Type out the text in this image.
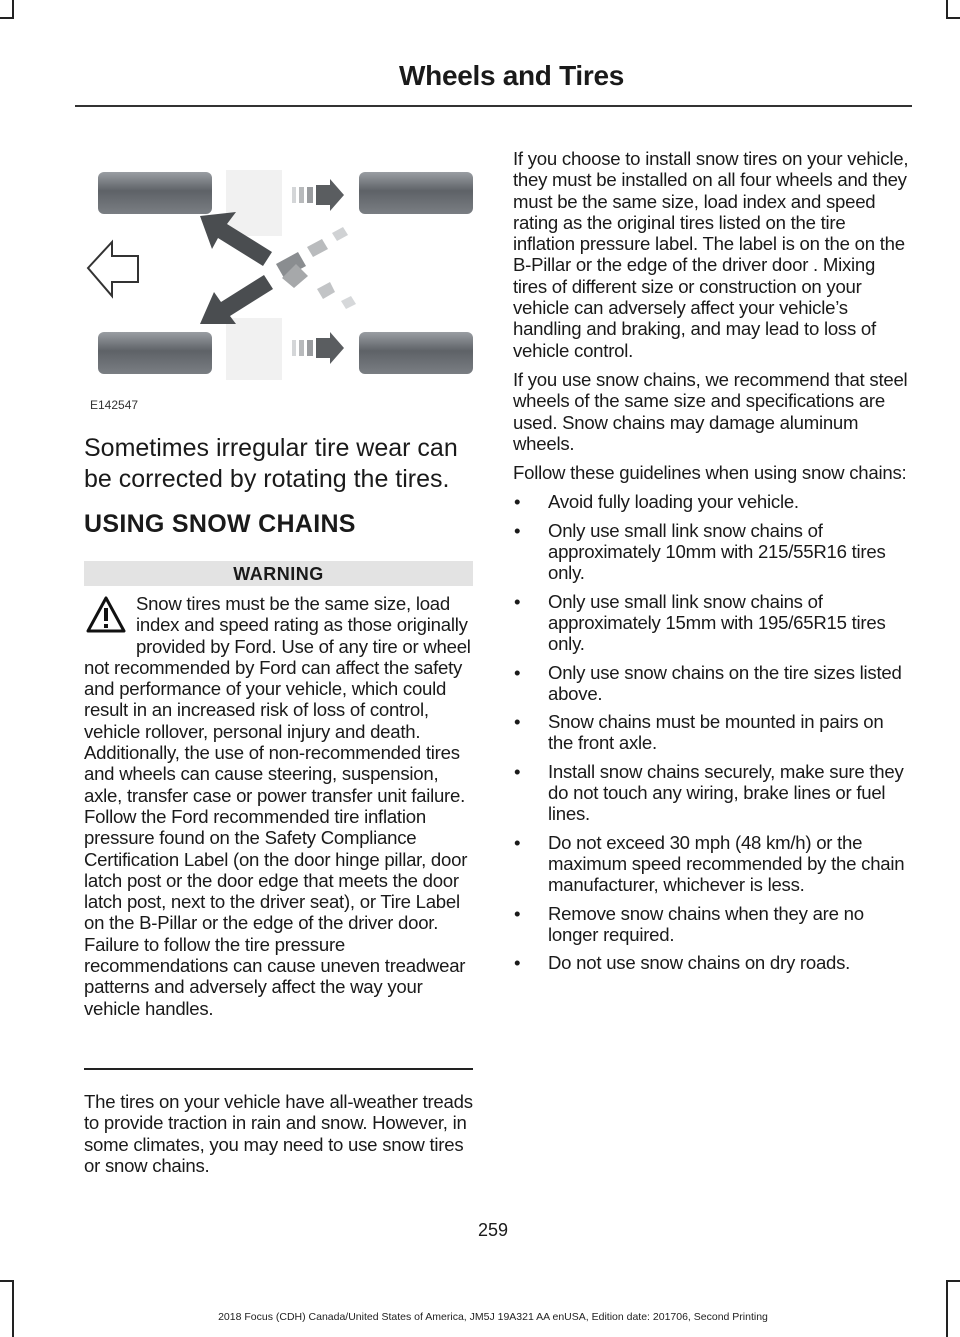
Wheels and Tires
E142547
Sometimes irregular tire wear can be corrected by rotating the tires.
USING SNOW CHAINS
WARNING
Snow tires must be the same size, load index and speed rating as those originally provided by Ford. Use of any tire or wheel not recommended by Ford can affect the safety and performance of your vehicle, which could result in an increased risk of loss of control, vehicle rollover, personal injury and death. Additionally, the use of non-recommended tires and wheels can cause steering, suspension, axle, transfer case or power transfer unit failure. Follow the Ford recommended tire inflation pressure found on the Safety Compliance Certification Label (on the door hinge pillar, door latch post or the door edge that meets the door latch post, next to the driver seat), or Tire Label on the B-Pillar or the edge of the driver door. Failure to follow the tire pressure recommendations can cause uneven treadwear patterns and adversely affect the way your vehicle handles.
The tires on your vehicle have all-weather treads to provide traction in rain and snow. However, in some climates, you may need to use snow tires or snow chains.

If you choose to install snow tires on your vehicle, they must be installed on all four wheels and they must be the same size, load index and speed rating as the original tires listed on the tire inflation pressure label. The label is on the on the B-Pillar or the edge of the driver door . Mixing tires of different size or construction on your vehicle can adversely affect your vehicle’s handling and braking, and may lead to loss of vehicle control.

If you use snow chains, we recommend that steel wheels of the same size and specifications are used. Snow chains may damage aluminum wheels.

Follow these guidelines when using snow chains:

• Avoid fully loading your vehicle.
• Only use small link snow chains of approximately 10mm with 215/55R16 tires only.
• Only use small link snow chains of approximately 15mm with 195/65R15 tires only.
• Only use snow chains on the tire sizes listed above.
• Snow chains must be mounted in pairs on the front axle.
• Install snow chains securely, make sure they do not touch any wiring, brake lines or fuel lines.
• Do not exceed 30 mph (48 km/h) or the maximum speed recommended by the chain manufacturer, whichever is less.
• Remove snow chains when they are no longer required.
• Do not use snow chains on dry roads.
259
2018 Focus (CDH) Canada/United States of America, JM5J 19A321 AA enUSA, Edition date: 201706, Second Printing
